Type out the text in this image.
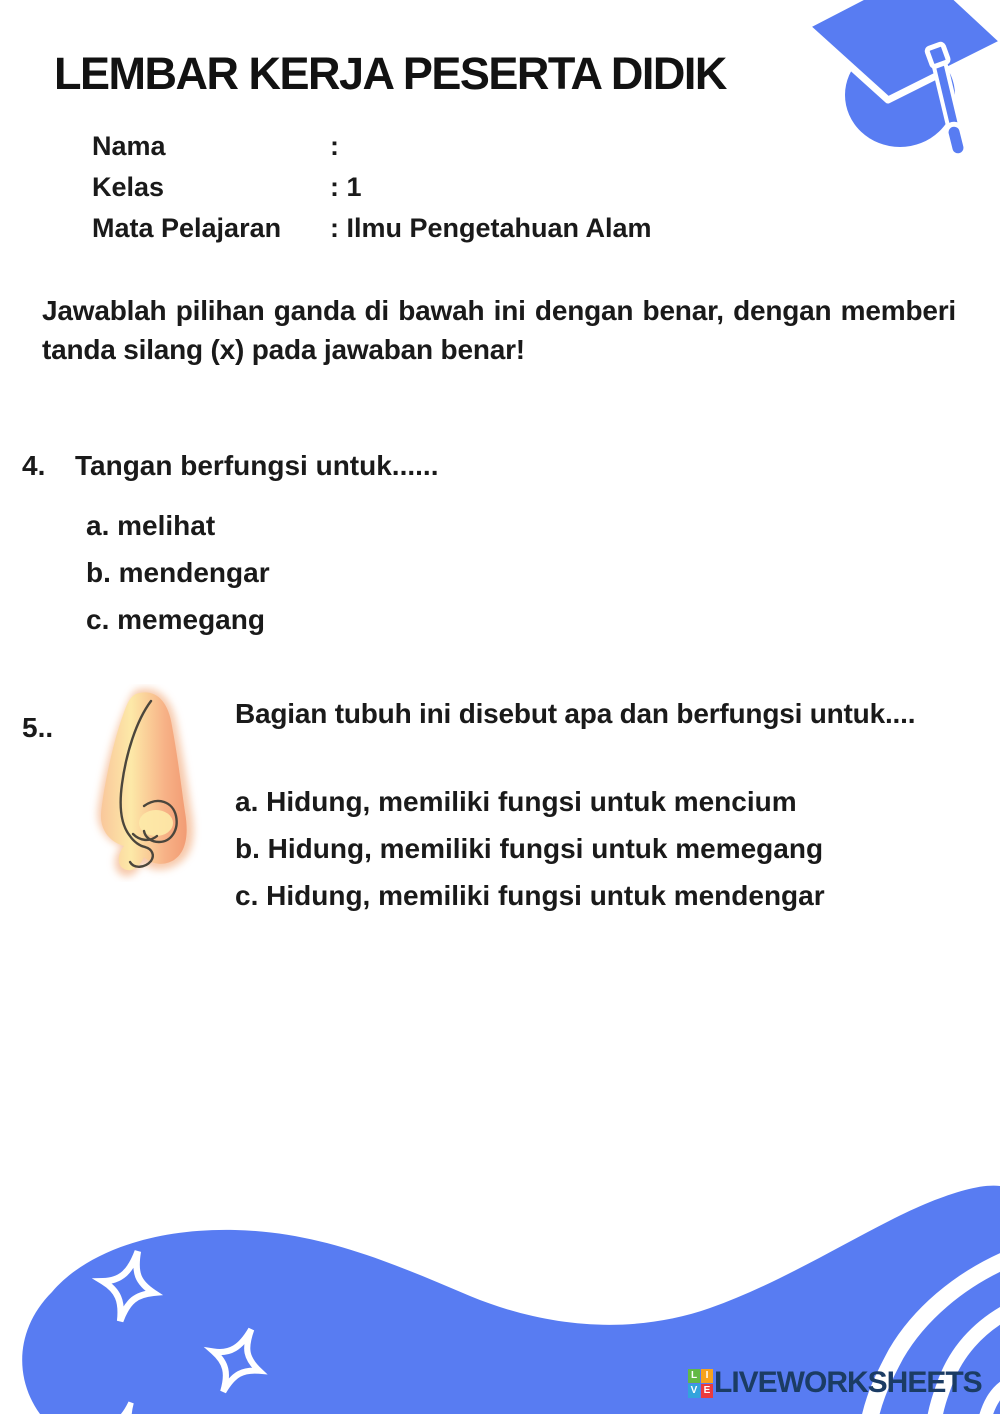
LEMBAR KERJA PESERTA DIDIK
Nama	:
Kelas	: 1
Mata Pelajaran	: Ilmu Pengetahuan Alam
Jawablah pilihan ganda di bawah ini dengan benar, dengan memberi tanda silang (x) pada jawaban benar!
4. Tangan berfungsi untuk......
a. melihat
b. mendengar
c. memegang
5..	Bagian tubuh ini disebut apa dan berfungsi untuk....
a. Hidung, memiliki fungsi untuk mencium
b. Hidung, memiliki fungsi untuk memegang
c. Hidung, memiliki fungsi untuk mendengar
L I
V E LIVEWORKSHEETS
